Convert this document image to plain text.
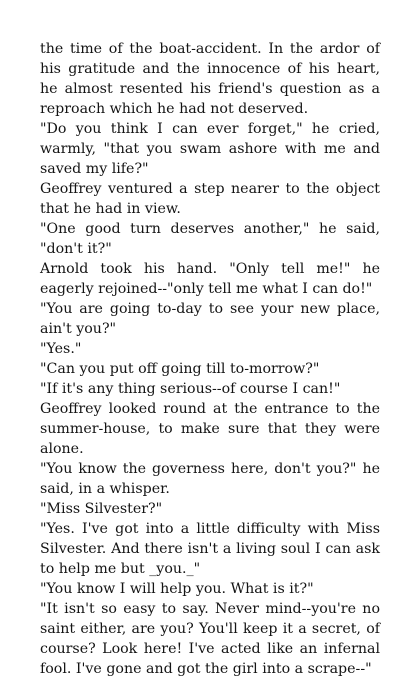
the time of the boat-accident. In the ardor of his gratitude and the innocence of his heart, he almost resented his friend's question as a reproach which he had not deserved.

"Do you think I can ever forget," he cried, warmly, "that you swam ashore with me and saved my life?"

Geoffrey ventured a step nearer to the object that he had in view.

"One good turn deserves another," he said, "don't it?"

Arnold took his hand. "Only tell me!" he eagerly rejoined--"only tell me what I can do!"

"You are going to-day to see your new place, ain't you?"

"Yes."

"Can you put off going till to-morrow?"

"If it's any thing serious--of course I can!"

Geoffrey looked round at the entrance to the summer-house, to make sure that they were alone.

"You know the governess here, don't you?" he said, in a whisper.

"Miss Silvester?"

"Yes. I've got into a little difficulty with Miss Silvester. And there isn't a living soul I can ask to help me but _you._"

"You know I will help you. What is it?"

"It isn't so easy to say. Never mind--you're no saint either, are you? You'll keep it a secret, of course? Look here! I've acted like an infernal fool. I've gone and got the girl into a scrape--"
